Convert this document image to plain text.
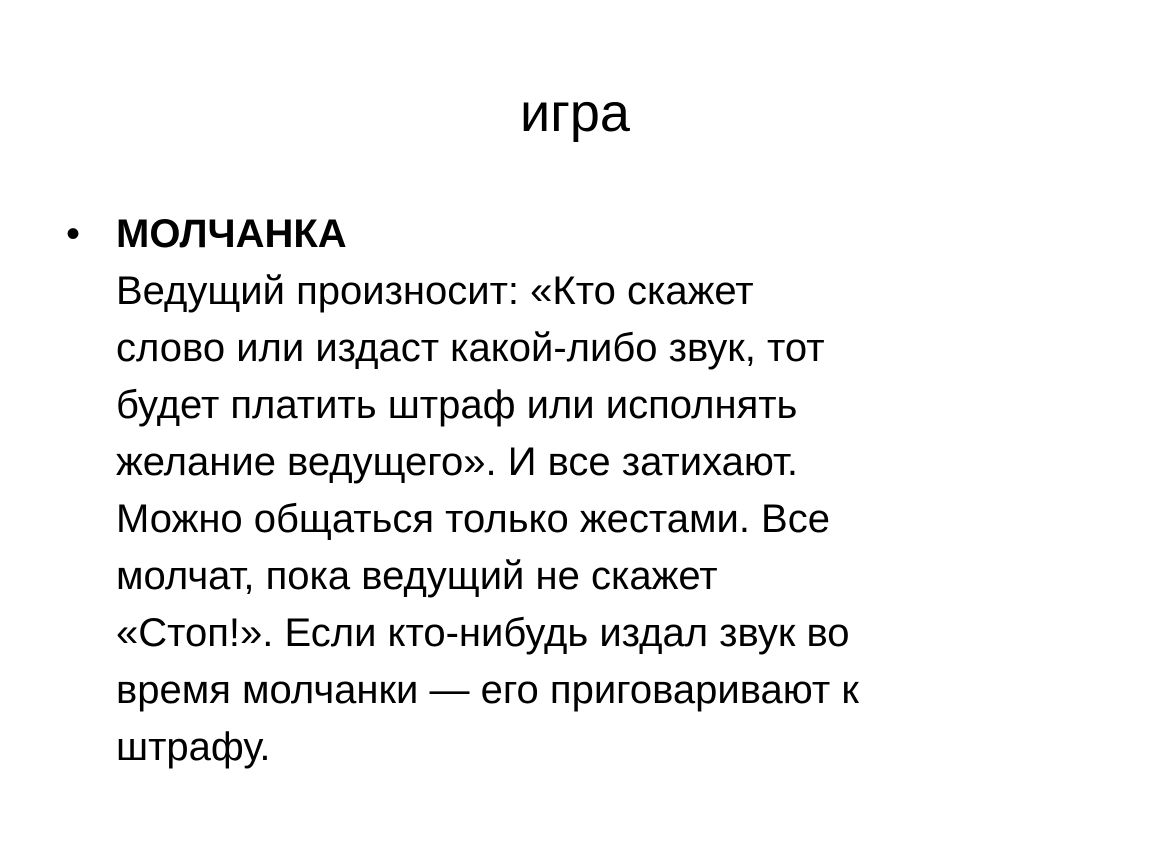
игра
• МОЛЧАНКА
Ведущий произносит: «Кто скажет
слово или издаст какой-либо звук, тот
будет платить штраф или исполнять
желание ведущего». И все затихают.
Можно общаться только жестами. Все
молчат, пока ведущий не скажет
«Стоп!». Если кто-нибудь издал звук во
время молчанки — его приговаривают к
штрафу.
